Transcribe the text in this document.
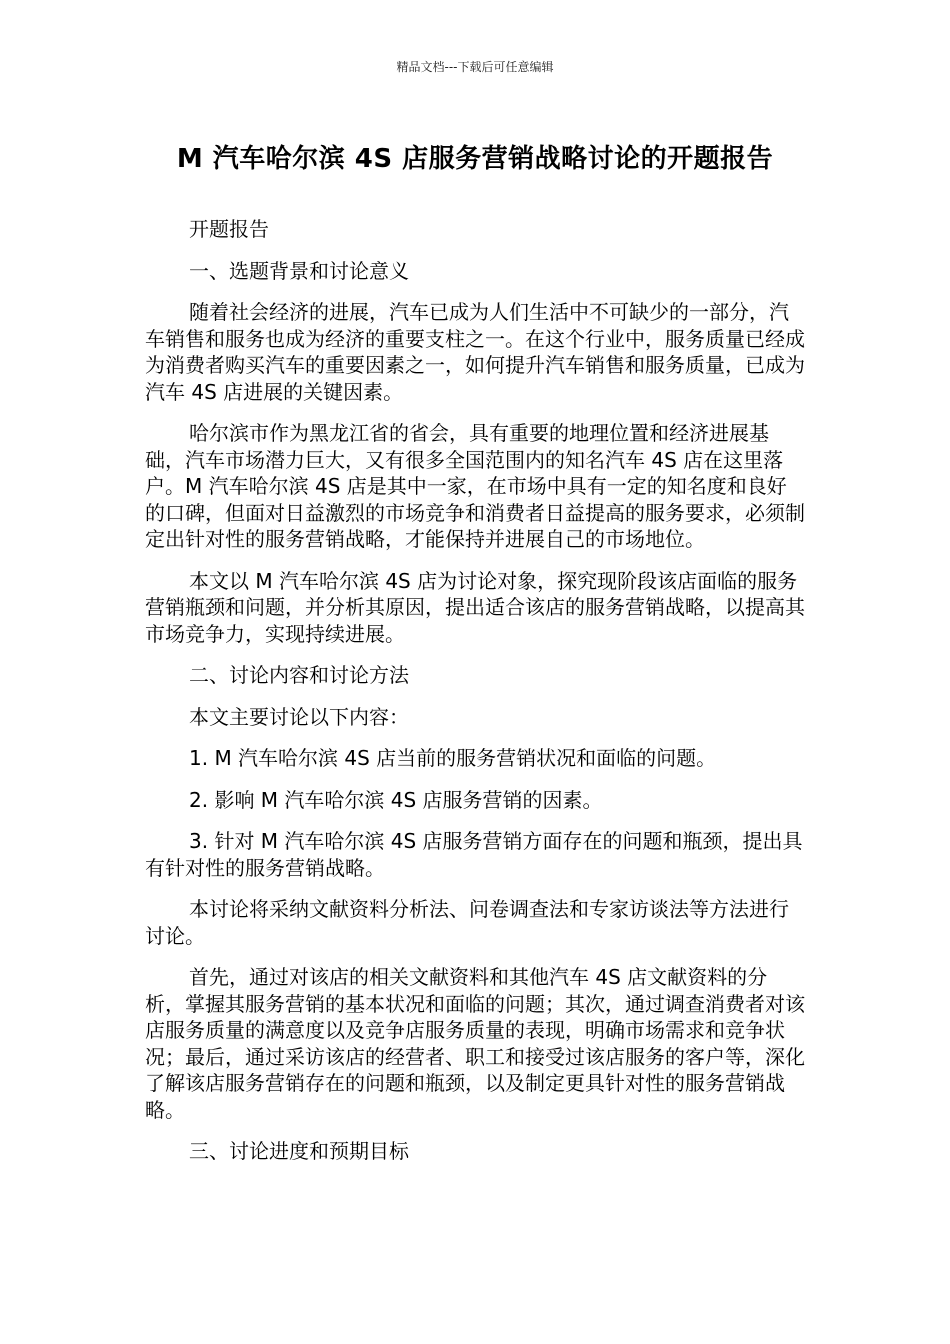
精品文档---下载后可任意编辑
M 汽车哈尔滨 4S 店服务营销战略讨论的开题报告

开题报告

一、选题背景和讨论意义

随着社会经济的进展，汽车已成为人们生活中不可缺少的一部分，汽车销售和服务也成为经济的重要支柱之一。在这个行业中，服务质量已经成为消费者购买汽车的重要因素之一，如何提升汽车销售和服务质量，已成为汽车 4S 店进展的关键因素。

哈尔滨市作为黑龙江省的省会，具有重要的地理位置和经济进展基础，汽车市场潜力巨大，又有很多全国范围内的知名汽车 4S 店在这里落户。M 汽车哈尔滨 4S 店是其中一家，在市场中具有一定的知名度和良好的口碑，但面对日益激烈的市场竞争和消费者日益提高的服务要求，必须制定出针对性的服务营销战略，才能保持并进展自己的市场地位。

本文以 M 汽车哈尔滨 4S 店为讨论对象，探究现阶段该店面临的服务营销瓶颈和问题，并分析其原因，提出适合该店的服务营销战略，以提高其市场竞争力，实现持续进展。

二、讨论内容和讨论方法

本文主要讨论以下内容：

1. M 汽车哈尔滨 4S 店当前的服务营销状况和面临的问题。

2. 影响 M 汽车哈尔滨 4S 店服务营销的因素。

3. 针对 M 汽车哈尔滨 4S 店服务营销方面存在的问题和瓶颈，提出具有针对性的服务营销战略。

本讨论将采纳文献资料分析法、问卷调查法和专家访谈法等方法进行讨论。

首先，通过对该店的相关文献资料和其他汽车 4S 店文献资料的分析，掌握其服务营销的基本状况和面临的问题；其次，通过调查消费者对该店服务质量的满意度以及竞争店服务质量的表现，明确市场需求和竞争状况；最后，通过采访该店的经营者、职工和接受过该店服务的客户等，深化了解该店服务营销存在的问题和瓶颈，以及制定更具针对性的服务营销战略。

三、讨论进度和预期目标
